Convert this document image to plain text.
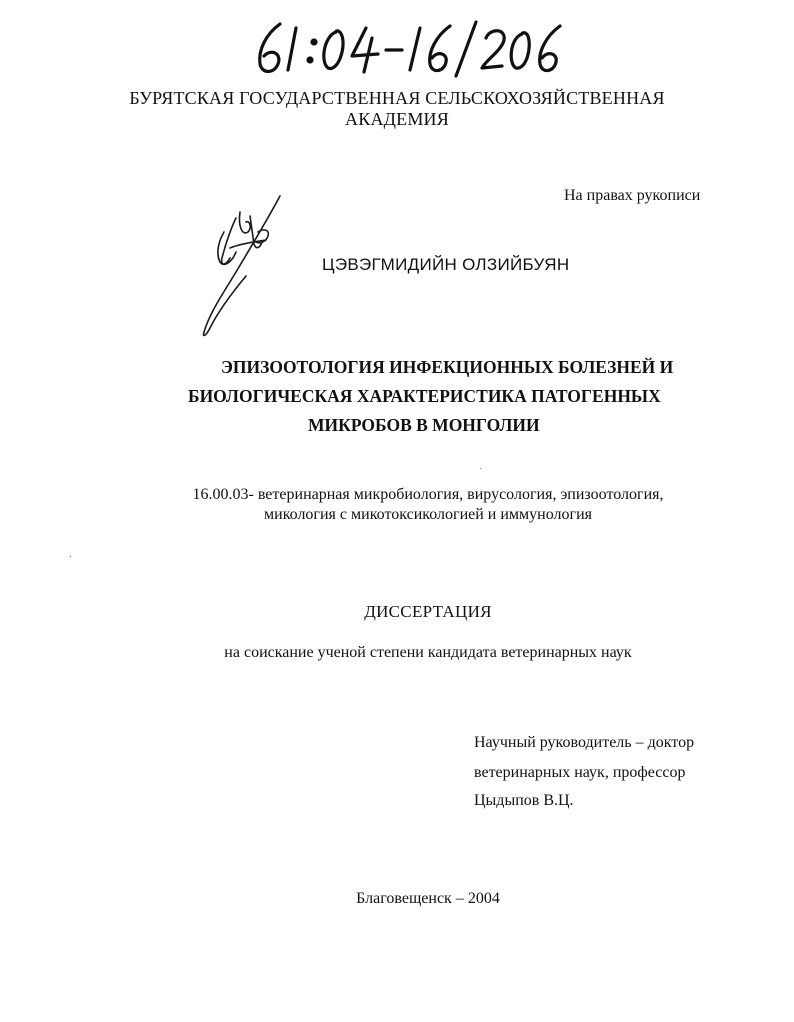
БУРЯТСКАЯ ГОСУДАРСТВЕННАЯ СЕЛЬСКОХОЗЯЙСТВЕННАЯ
АКАДЕМИЯ
На правах рукописи
ЦЭВЭГМИДИЙН ОЛЗИЙБУЯН
ЭПИЗООТОЛОГИЯ ИНФЕКЦИОННЫХ БОЛЕЗНЕЙ И
БИОЛОГИЧЕСКАЯ ХАРАКТЕРИСТИКА ПАТОГЕННЫХ
МИКРОБОВ В МОНГОЛИИ
16.00.03- ветеринарная микробиология, вирусология, эпизоотология,
микология с микотоксикологией и иммунология
ДИССЕРТАЦИЯ
на соискание ученой степени кандидата ветеринарных наук
Научный руководитель – доктор
ветеринарных наук, профессор
Цыдыпов В.Ц.
Благовещенск – 2004
